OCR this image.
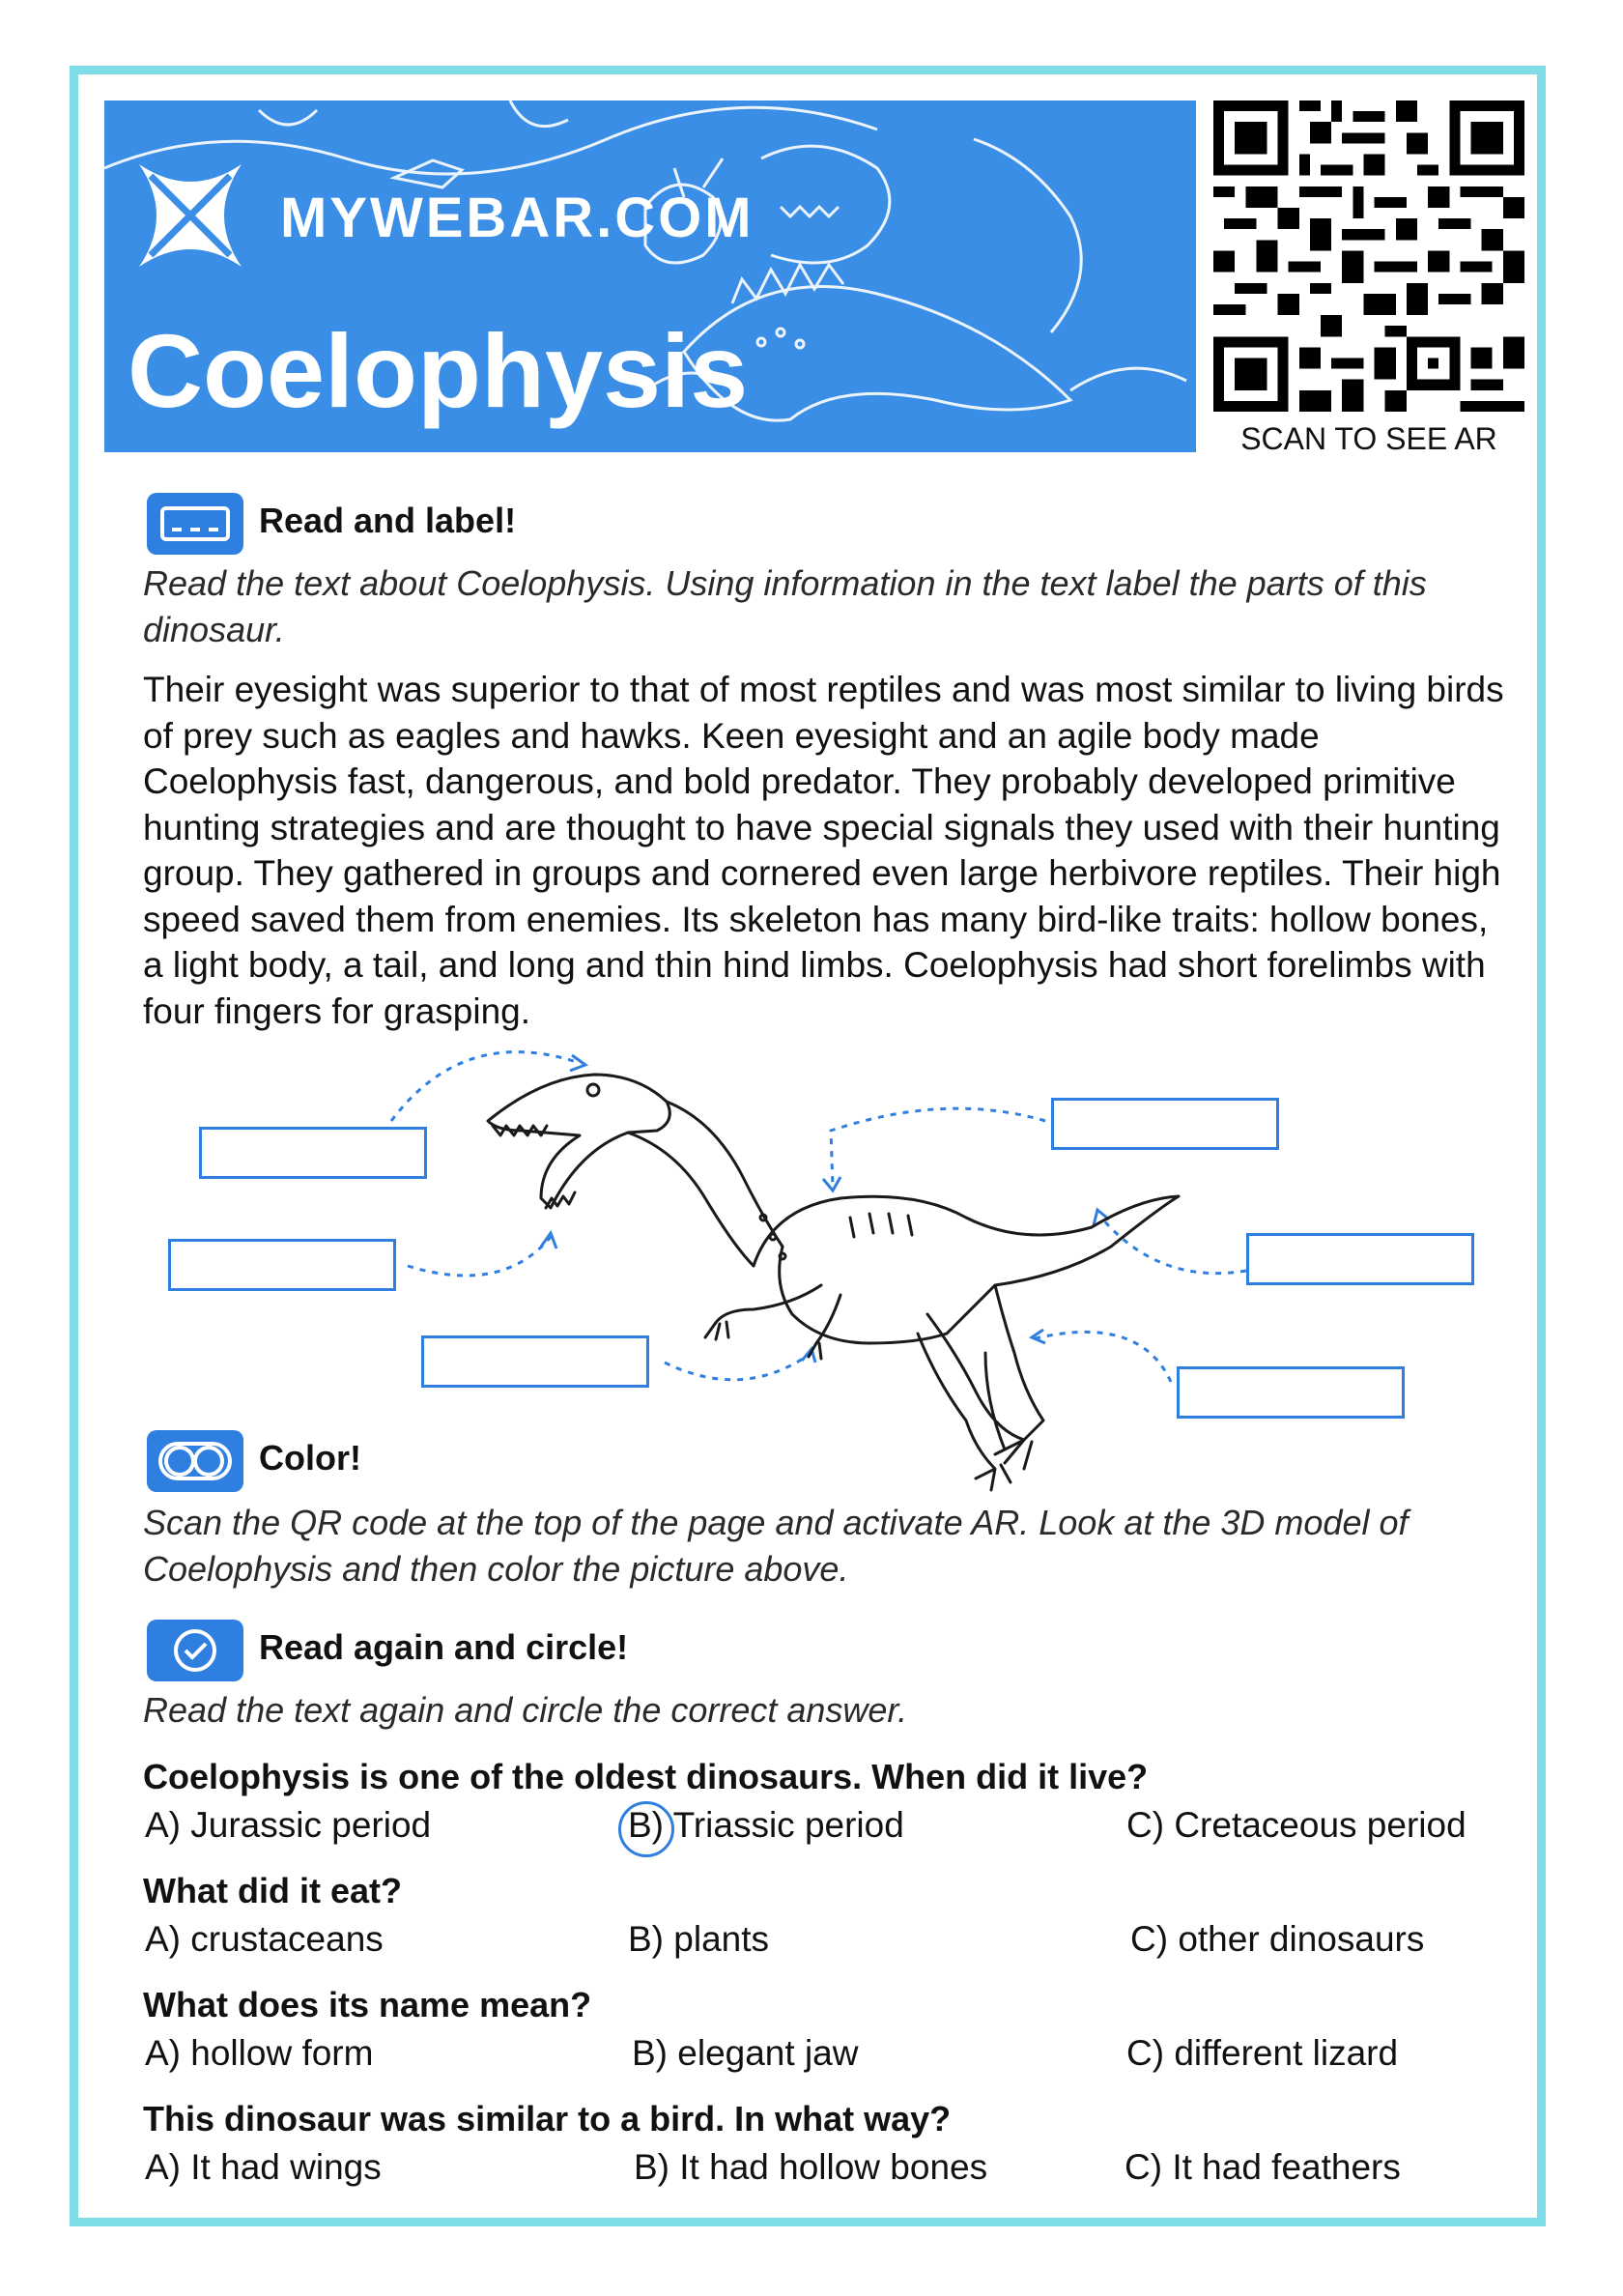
MYWEBAR.COM
Coelophysis
SCAN TO SEE AR
Read and label!
Read the text about Coelophysis. Using information in the text label the parts of this dinosaur.
Their eyesight was superior to that of most reptiles and was most similar to living birds of prey such as eagles and hawks. Keen eyesight and an agile body made Coelophysis fast, dangerous, and bold predator. They probably developed primitive hunting strategies and are thought to have special signals they used with their hunting group. They gathered in groups and cornered even large herbivore reptiles. Their high speed saved them from enemies. Its skeleton has many bird-like traits: hollow bones, a light body, a tail, and long and thin hind limbs. Coelophysis had short forelimbs with four fingers for grasping.
Color!
Scan the QR code at the top of the page and activate AR. Look at the 3D model of Coelophysis and then color the picture above.
Read again and circle!
Read the text again and circle the correct answer.
Coelophysis is one of the oldest dinosaurs. When did it live?
A) Jurassic period	B) Triassic period	C) Cretaceous period
What did it eat?
A) crustaceans	B) plants	C) other dinosaurs
What does its name mean?
A) hollow form	B) elegant jaw	C) different lizard
This dinosaur was similar to a bird. In what way?
A) It had wings	B) It had hollow bones	C) It had feathers
